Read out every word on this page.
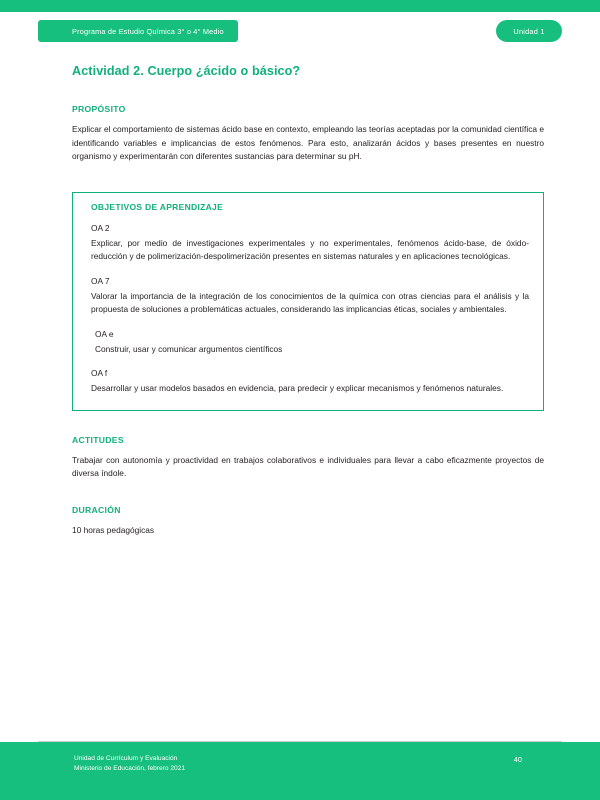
Programa de Estudio Química 3° o 4° Medio	Unidad 1
Actividad 2. Cuerpo ¿ácido o básico?
PROPÓSITO

Explicar el comportamiento de sistemas ácido base en contexto, empleando las teorías aceptadas por la comunidad científica e identificando variables e implicancias de estos fenómenos. Para esto, analizarán ácidos y bases presentes en nuestro organismo y experimentarán con diferentes sustancias para determinar su pH.

OBJETIVOS DE APRENDIZAJE
OA 2
Explicar, por medio de investigaciones experimentales y no experimentales, fenómenos ácido-base, de óxido-reducción y de polimerización-despolimerización presentes en sistemas naturales y en aplicaciones tecnológicas.
OA 7
Valorar la importancia de la integración de los conocimientos de la química con otras ciencias para el análisis y la propuesta de soluciones a problemáticas actuales, considerando las implicancias éticas, sociales y ambientales.
OA e
Construir, usar y comunicar argumentos científicos
OA f
Desarrollar y usar modelos basados en evidencia, para predecir y explicar mecanismos y fenómenos naturales.
ACTITUDES

Trabajar con autonomía y proactividad en trabajos colaborativos e individuales para llevar a cabo eficazmente proyectos de diversa índole.

DURACIÓN

10 horas pedagógicas

Unidad de Currículum y Evaluación
Ministerio de Educación, febrero 2021
40
